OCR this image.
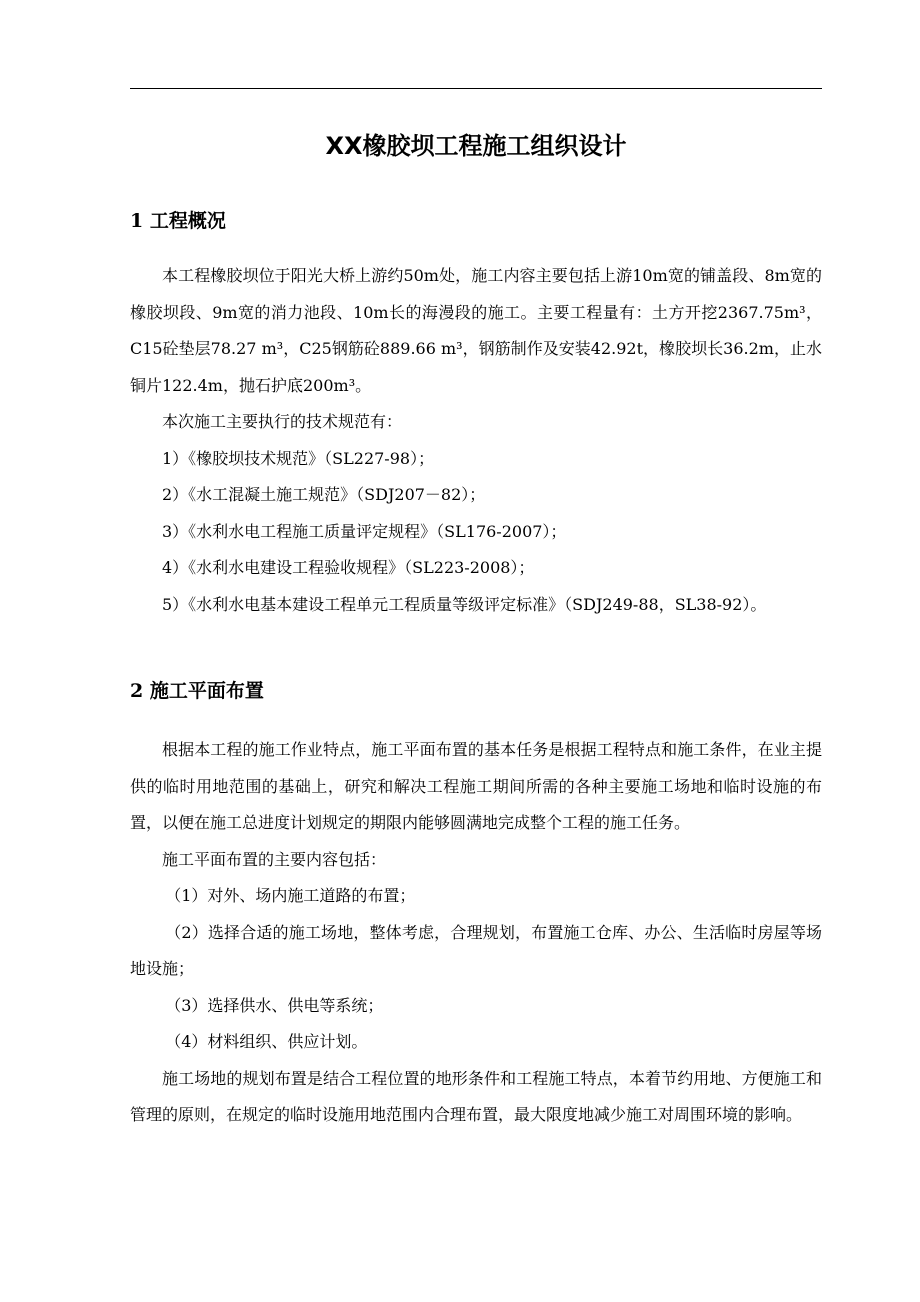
XX橡胶坝工程施工组织设计
1 工程概况

本工程橡胶坝位于阳光大桥上游约50m处，施工内容主要包括上游10m宽的铺盖段、8m宽的橡胶坝段、9m宽的消力池段、10m长的海漫段的施工。主要工程量有：土方开挖2367.75m³，C15砼垫层78.27 m³，C25钢筋砼889.66 m³，钢筋制作及安装42.92t，橡胶坝长36.2m，止水铜片122.4m，抛石护底200m³。

本次施工主要执行的技术规范有：

1）《橡胶坝技术规范》（SL227-98）；

2）《水工混凝土施工规范》（SDJ207－82）；

3）《水利水电工程施工质量评定规程》（SL176-2007）；

4）《水利水电建设工程验收规程》（SL223-2008）；

5）《水利水电基本建设工程单元工程质量等级评定标准》（SDJ249-88，SL38-92）。

2 施工平面布置

根据本工程的施工作业特点，施工平面布置的基本任务是根据工程特点和施工条件，在业主提供的临时用地范围的基础上，研究和解决工程施工期间所需的各种主要施工场地和临时设施的布置，以便在施工总进度计划规定的期限内能够圆满地完成整个工程的施工任务。

施工平面布置的主要内容包括：

（1）对外、场内施工道路的布置；

（2）选择合适的施工场地，整体考虑，合理规划，布置施工仓库、办公、生活临时房屋等场地设施；

（3）选择供水、供电等系统；

（4）材料组织、供应计划。

施工场地的规划布置是结合工程位置的地形条件和工程施工特点，本着节约用地、方便施工和管理的原则，在规定的临时设施用地范围内合理布置，最大限度地减少施工对周围环境的影响。
